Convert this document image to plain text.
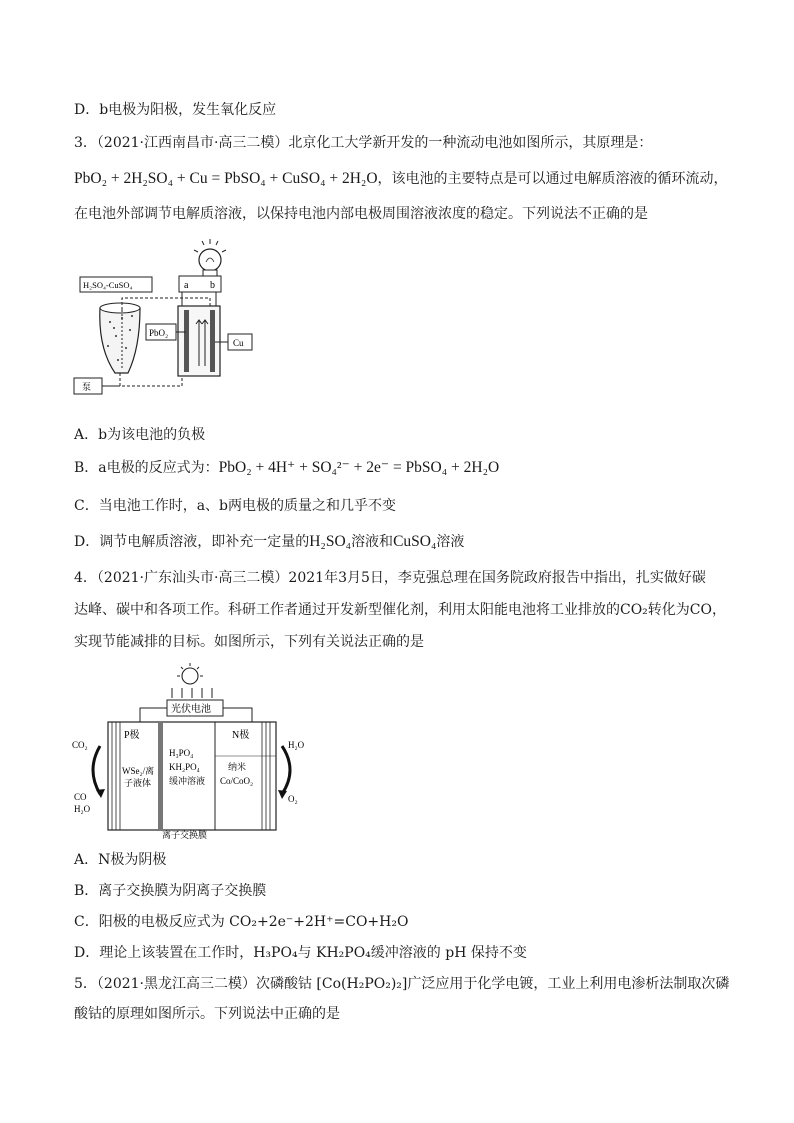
D．b电极为阳极，发生氧化反应
3．（2021·江西南昌市·高三二模）北京化工大学新开发的一种流动电池如图所示，其原理是：
PbO₂ + 2H₂SO₄ + Cu = PbSO₄ + CuSO₄ + 2H₂O，该电池的主要特点是可以通过电解质溶液的循环流动，
在电池外部调节电解质溶液，以保持电池内部电极周围溶液浓度的稳定。下列说法不正确的是
a b
H₂SO₄-CuSO₄
PbO₂
Cu
泵
A．b为该电池的负极
B．a电极的反应式为：PbO₂ + 4H⁺ + SO₄²⁻ + 2e⁻ = PbSO₄ + 2H₂O
C．当电池工作时，a、b两电极的质量之和几乎不变
D．调节电解质溶液，即补充一定量的H₂SO₄溶液和CuSO₄溶液
4．（2021·广东汕头市·高三二模）2021年3月5日，李克强总理在国务院政府报告中指出，扎实做好碳
达峰、碳中和各项工作。科研工作者通过开发新型催化剂，利用太阳能电池将工业排放的CO₂转化为CO，
实现节能减排的目标。如图所示，下列有关说法正确的是
光伏电池
P极	N极
WSe₂/离
子液体
H₃PO₄
KH₂PO₄
缓冲溶液
纳米
Co/CoO₂
离子交换膜
CO₂
CO
H₂O
H₂O
O₂
A．N极为阴极
B．离子交换膜为阴离子交换膜
C．阳极的电极反应式为 CO₂+2e⁻+2H⁺=CO+H₂O
D．理论上该装置在工作时，H₃PO₄与 KH₂PO₄缓冲溶液的 pH 保持不变
5．（2021·黑龙江高三二模）次磷酸钴 [Co(H₂PO₂)₂]广泛应用于化学电镀，工业上利用电渗析法制取次磷
酸钴的原理如图所示。下列说法中正确的是
